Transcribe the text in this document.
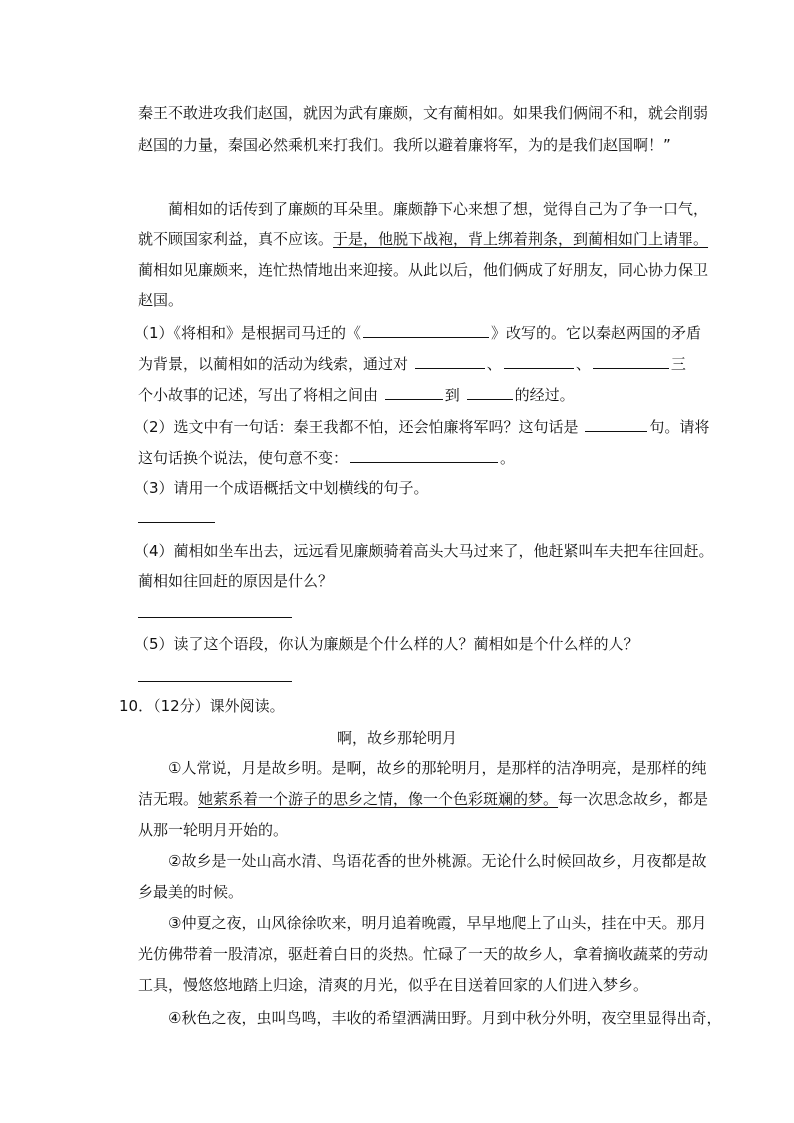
秦王不敢进攻我们赵国，就因为武有廉颇，文有蔺相如。如果我们俩闹不和，就会削弱
赵国的力量，秦国必然乘机来打我们。我所以避着廉将军，为的是我们赵国啊！”
蔺相如的话传到了廉颇的耳朵里。廉颇静下心来想了想，觉得自己为了争一口气，
就不顾国家利益，真不应该。于是，他脱下战袍，背上绑着荆条，到蔺相如门上请罪。
蔺相如见廉颇来，连忙热情地出来迎接。从此以后，他们俩成了好朋友，同心协力保卫
赵国。
（1）《将相和》是根据司马迁的《	》改写的。它以秦赵两国的矛盾
为背景，以蔺相如的活动为线索，通过对	、	、	三
个小故事的记述，写出了将相之间由	到	的经过。
（2）选文中有一句话：秦王我都不怕，还会怕廉将军吗？这句话是	句。请将
这句话换个说法，使句意不变：	。
（3）请用一个成语概括文中划横线的句子。
（4）蔺相如坐车出去，远远看见廉颇骑着高头大马过来了，他赶紧叫车夫把车往回赶。
蔺相如往回赶的原因是什么？
（5）读了这个语段，你认为廉颇是个什么样的人？蔺相如是个什么样的人？
10．（12分）课外阅读。
啊，故乡那轮明月
①人常说，月是故乡明。是啊，故乡的那轮明月，是那样的洁净明亮，是那样的纯
洁无瑕。她萦系着一个游子的思乡之情，像一个色彩斑斓的梦。每一次思念故乡，都是
从那一轮明月开始的。
②故乡是一处山高水清、鸟语花香的世外桃源。无论什么时候回故乡，月夜都是故
乡最美的时候。
③仲夏之夜，山风徐徐吹来，明月追着晚霞，早早地爬上了山头，挂在中天。那月
光仿佛带着一股清凉，驱赶着白日的炎热。忙碌了一天的故乡人，拿着摘收蔬菜的劳动
工具，慢悠悠地踏上归途，清爽的月光，似乎在目送着回家的人们进入梦乡。
④秋色之夜，虫叫鸟鸣，丰收的希望洒满田野。月到中秋分外明，夜空里显得出奇，
